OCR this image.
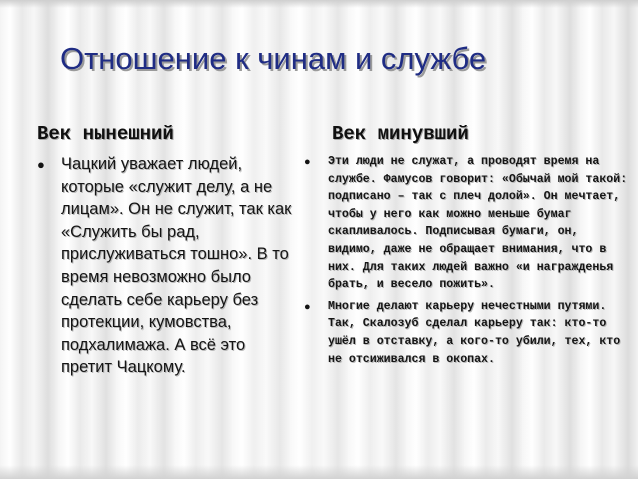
Отношение к чинам и службе
Век нынешний	Век минувший
● Чацкий уважает людей, которые «служит делу, а не лицам». Он не служит, так как «Служить бы рад, прислуживаться тошно». В то время невозможно было сделать себе карьеру без протекции, кумовства, подхалимажа. А всё это претит Чацкому.
● Эти люди не служат, а проводят время на службе. Фамусов говорит: «Обычай мой такой: подписано – так с плеч долой». Он мечтает, чтобы у него как можно меньше бумаг скапливалось. Подписывая бумаги, он, видимо, даже не обращает внимания, что в них. Для таких людей важно «и награжденья брать, и весело пожить».
● Многие делают карьеру нечестными путями. Так, Скалозуб сделал карьеру так: кто-то ушёл в отставку, а кого-то убили, тех, кто не отсиживался в окопах.
